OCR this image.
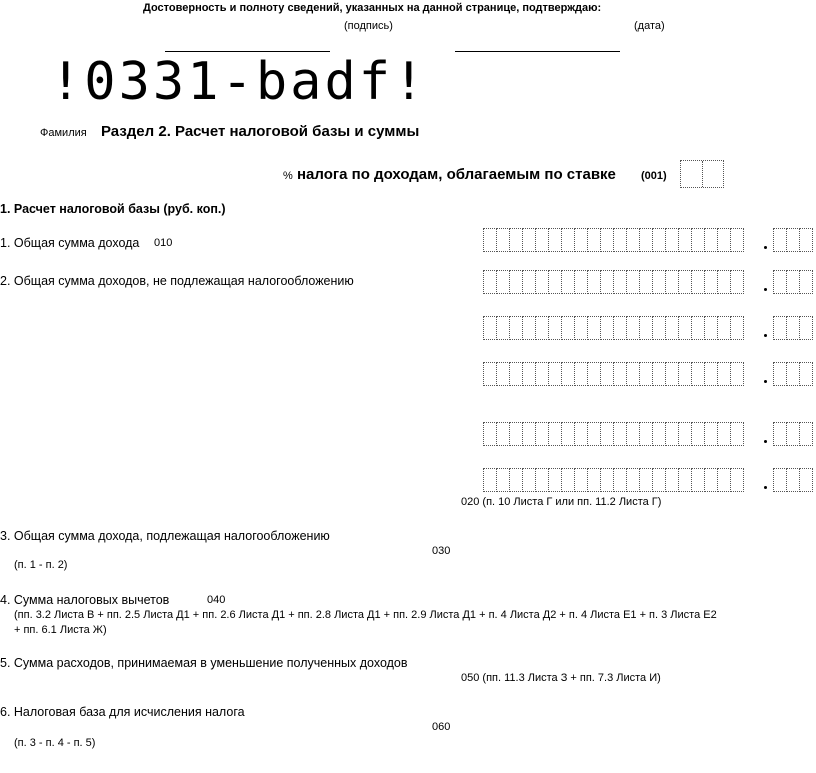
Достоверность и полноту сведений, указанных на данной странице, подтверждаю:
(подпись)	(дата)
!0331-badf!
Фамилия Раздел 2. Расчет налоговой базы и суммы
% налога по доходам, облагаемым по ставке (001)
1. Расчет налоговой базы (руб. коп.)
1. Общая сумма дохода 010
2. Общая сумма доходов, не подлежащая налогообложению
020 (п. 10 Листа Г или пп. 11.2 Листа Г)
3. Общая сумма дохода, подлежащая налогообложению
030
(п. 1 - п. 2)
4. Сумма налоговых вычетов	040
(пп. 3.2 Листа В + пп. 2.5 Листа Д1 + пп. 2.6 Листа Д1 + пп. 2.8 Листа Д1 + пп. 2.9 Листа Д1 + п. 4 Листа Д2 + п. 4 Листа Е1 + п. 3 Листа Е2
+ пп. 6.1 Листа Ж)
5. Сумма расходов, принимаемая в уменьшение полученных доходов
050 (пп. 11.3 Листа З + пп. 7.3 Листа И)
6. Налоговая база для исчисления налога
060
(п. 3 - п. 4 - п. 5)
